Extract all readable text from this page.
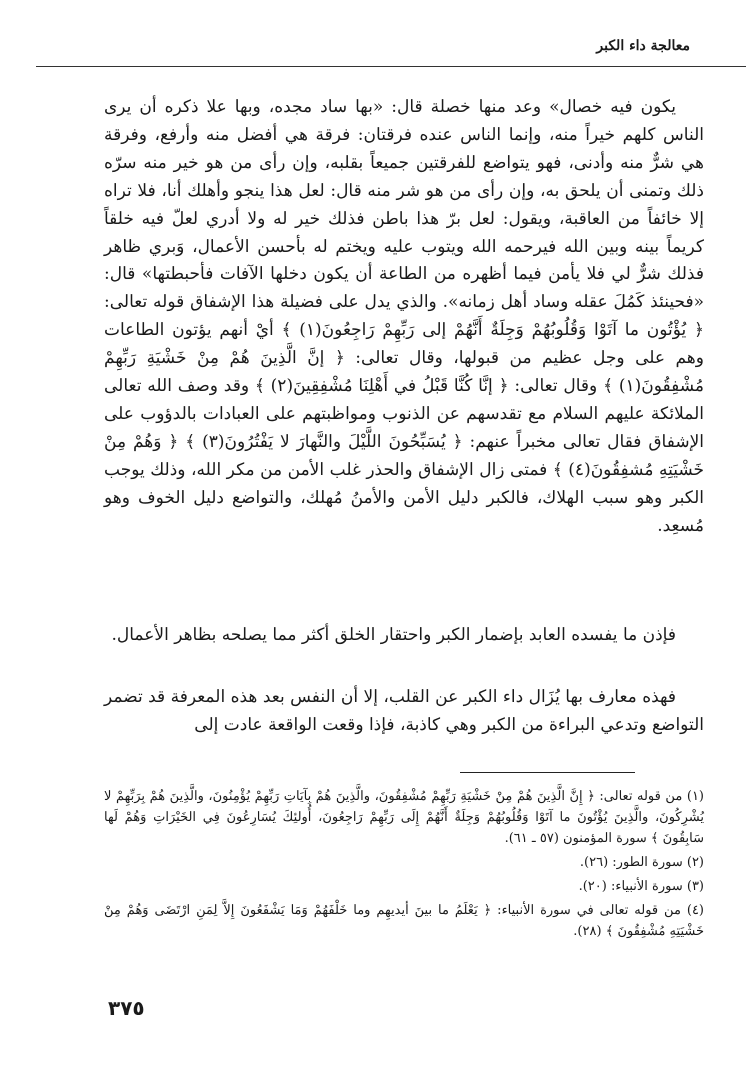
معالجة داء الكبر

يكون فيه خصال» وعد منها خصلة قال: «بها ساد مجده، وبها علا ذكره أن يرى الناس كلهم خيراً منه، وإنما الناس عنده فرقتان: فرقة هي أفضل منه وأرفع، وفرقة هي شرٌّ منه وأدنى، فهو يتواضع للفرقتين جميعاً بقلبه، وإن رأى من هو خير منه سرّه ذلك وتمنى أن يلحق به، وإن رأى من هو شر منه قال: لعل هذا ينجو وأهلك أنا، فلا تراه إلا خائفاً من العاقبة، ويقول: لعل برّ هذا باطن فذلك خير له ولا أدري لعلّ فيه خلقاً كريماً بينه وبين الله فيرحمه الله ويتوب عليه ويختم له بأحسن الأعمال، وَبري ظاهر فذلك شرٌّ لي فلا يأمن فيما أظهره من الطاعة أن يكون دخلها الآفات فأحبطتها» قال: «فحينئذ كَمُلَ عقله وساد أهل زمانه». والذي يدل على فضيلة هذا الإشفاق قوله تعالى: ﴿ يُؤْتُون ما آتَوْا وَقُلُوبُهُمْ وَجِلَةٌ أَنَّهُمْ إلى رَبِّهِمْ رَاجِعُونَ(١) ﴾ أيْ أنهم يؤتون الطاعات وهم على وجل عظيم من قبولها، وقال تعالى: ﴿ إنَّ الَّذِينَ هُمْ مِنْ خَشْيَةِ رَبِّهِمْ مُشْفِقُونَ(١) ﴾ وقال تعالى: ﴿ إنَّا كُنَّا قَبْلُ في أَهْلِنَا مُشْفِقِينَ(٢) ﴾ وقد وصف الله تعالى الملائكة عليهم السلام مع تقدسهم عن الذنوب ومواظبتهم على العبادات بالدؤوب على الإشفاق فقال تعالى مخبراً عنهم: ﴿ يُسَبِّحُونَ اللَّيْلَ والنَّهارَ لا يَفْتُرُونَ(٣) ﴾ ﴿ وَهُمْ مِنْ خَشْيَتِهِ مُشفِقُونَ(٤) ﴾ فمتى زال الإشفاق والحذر غلب الأمن من مكر الله، وذلك يوجب الكبر وهو سبب الهلاك، فالكبر دليل الأمن والأمنُ مُهلك، والتواضع دليل الخوف وهو مُسعِد.

فإذن ما يفسده العابد بإضمار الكبر واحتقار الخلق أكثر مما يصلحه بظاهر الأعمال.

فهذه معارف بها يُزَال داء الكبر عن القلب، إلا أن النفس بعد هذه المعرفة قد تضمر التواضع وتدعي البراءة من الكبر وهي كاذبة، فإذا وقعت الواقعة عادت إلى

(١) من قوله تعالى: ﴿ إِنَّ الَّذِينَ هُمْ مِنْ خَشْيَةِ رَبِّهِمْ مُشْفِقُونَ، والَّذِينَ هُمْ بِآيَاتِ رَبِّهِمْ يُؤْمِنُونَ، والَّذِينَ هُمْ بِرَبِّهِمْ لا يُشْرِكُونَ، والَّذِينَ يُؤْتُونَ ما آتَوْا وَقُلُوبُهُمْ وَجِلَةٌ أَنَّهُمْ إِلَى رَبِّهِمْ رَاجِعُونَ، أُولئِكَ يُسَارِعُونَ فِي الخَيْرَاتِ وَهُمْ لَها سَابِقُونَ ﴾ سورة المؤمنون (٥٧ ـ ٦١).

(٢) سورة الطور: (٢٦).

(٣) سورة الأنبياء: (٢٠).

(٤) من قوله تعالى في سورة الأنبياء: ﴿ يَعْلَمُ ما بينَ أيديهِم وما خَلْفَهُمْ وَمَا يَشْفَعُونَ إِلاَّ لِمَنِ ارْتَضَى وَهُمْ مِنْ خَشْيَتِهِ مُشْفِقُونَ ﴾ (٢٨).

٣٧٥
